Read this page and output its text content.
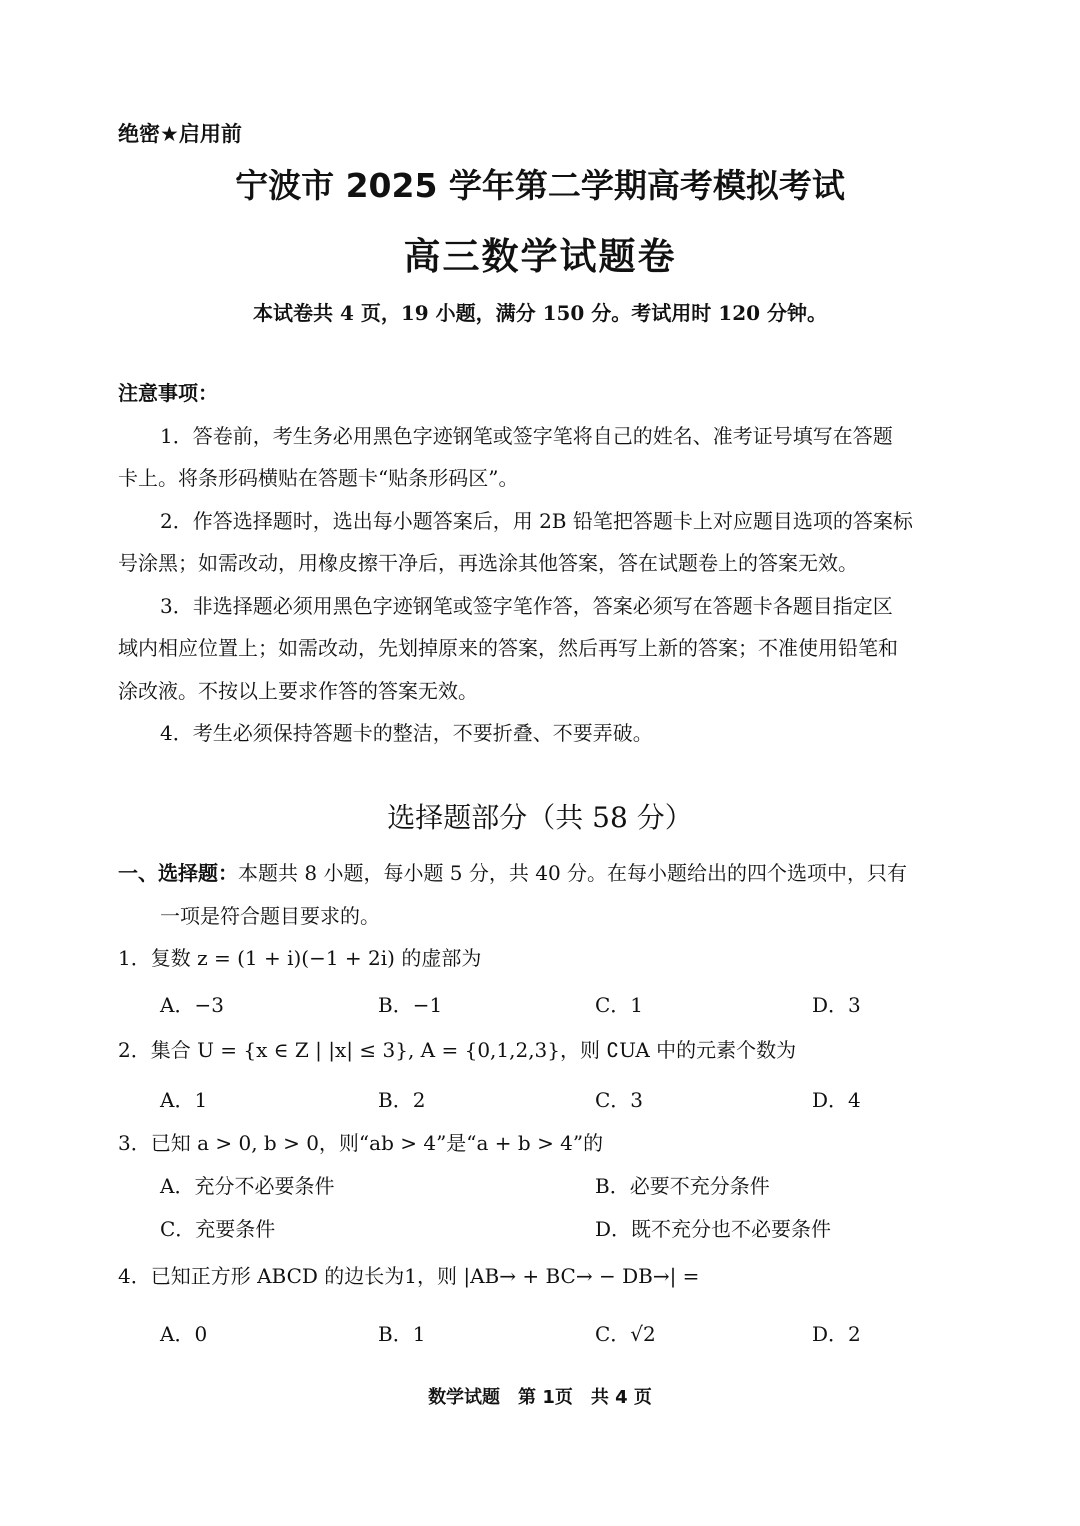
绝密★启用前
宁波市 2025 学年第二学期高考模拟考试
高三数学试题卷
本试卷共 4 页，19 小题，满分 150 分。考试用时 120 分钟。
注意事项：
1．答卷前，考生务必用黑色字迹钢笔或签字笔将自己的姓名、准考证号填写在答题
卡上。将条形码横贴在答题卡“贴条形码区”。
2．作答选择题时，选出每小题答案后，用 2B 铅笔把答题卡上对应题目选项的答案标
号涂黑；如需改动，用橡皮擦干净后，再选涂其他答案，答在试题卷上的答案无效。
3．非选择题必须用黑色字迹钢笔或签字笔作答，答案必须写在答题卡各题目指定区
域内相应位置上；如需改动，先划掉原来的答案，然后再写上新的答案；不准使用铅笔和
涂改液。不按以上要求作答的答案无效。
4．考生必须保持答题卡的整洁，不要折叠、不要弄破。
选择题部分（共 58 分）
一、选择题：本题共 8 小题，每小题 5 分，共 40 分。在每小题给出的四个选项中，只有
一项是符合题目要求的。
1．复数 z = (1 + i)(−1 + 2i) 的虚部为
A．−3	B．−1	C．1	D．3
2．集合 U = {x ∈ Z | |x| ≤ 3}, A = {0,1,2,3}，则 ∁UA 中的元素个数为
A．1	B．2	C．3	D．4
3．已知 a > 0, b > 0，则“ab > 4”是“a + b > 4”的
A．充分不必要条件	B．必要不充分条件
C．充要条件	D．既不充分也不必要条件
4．已知正方形 ABCD 的边长为1，则 |AB→ + BC→ − DB→| =
A．0	B．1	C．√2	D．2
数学试题　第 1页　共 4 页
